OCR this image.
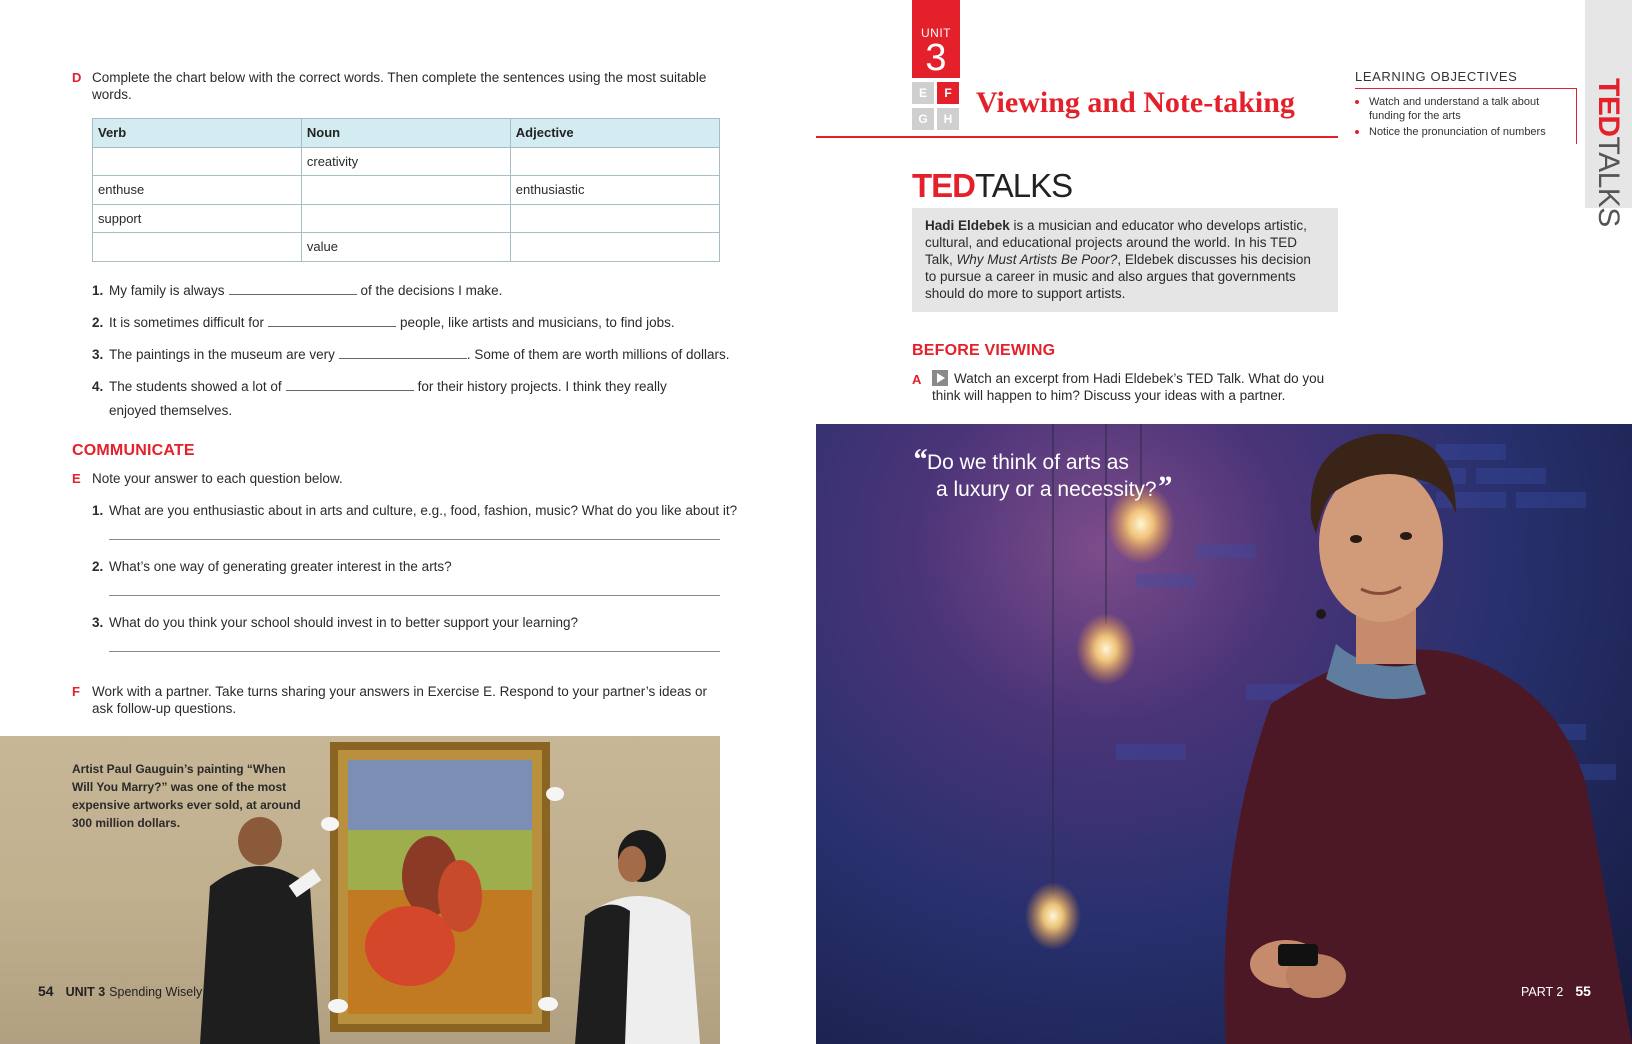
D Complete the chart below with the correct words. Then complete the sentences using the most suitable words.
Verb	Noun	Adjective
	creativity	
enthuse		enthusiastic
support		
	value	
1. My family is always	of the decisions I make.
2. It is sometimes difficult for	people, like artists and musicians, to find jobs.
3. The paintings in the museum are very	. Some of them are worth millions of dollars.
4. The students showed a lot of	for their history projects. I think they really
enjoyed themselves.
COMMUNICATE
E Note your answer to each question below.
1. What are you enthusiastic about in arts and culture, e.g., food, fashion, music? What do you like about it?
2. What’s one way of generating greater interest in the arts?
3. What do you think your school should invest in to better support your learning?
F Work with a partner. Take turns sharing your answers in Exercise E. Respond to your partner’s ideas or ask follow-up questions.
Artist Paul Gauguin’s painting “When Will You Marry?” was one of the most expensive artworks ever sold, at around 300 million dollars.
54 UNIT 3 Spending Wisely
UNIT
3
E	F
G	H Viewing and Note-taking
LEARNING OBJECTIVES
Watch and understand a talk about funding for the arts
Notice the pronunciation of numbers	TEDTALKS
TEDTALKS
Hadi Eldebek is a musician and educator who develops artistic, cultural, and educational projects around the world. In his TED Talk, Why Must Artists Be Poor?, Eldebek discusses his decision to pursue a career in music and also argues that governments should do more to support artists.
BEFORE VIEWING
A	Watch an excerpt from Hadi Eldebek’s TED Talk. What do you think will happen to him? Discuss your ideas with a partner.
“Do we think of arts as
a luxury or a necessity?”
PART 2 55
